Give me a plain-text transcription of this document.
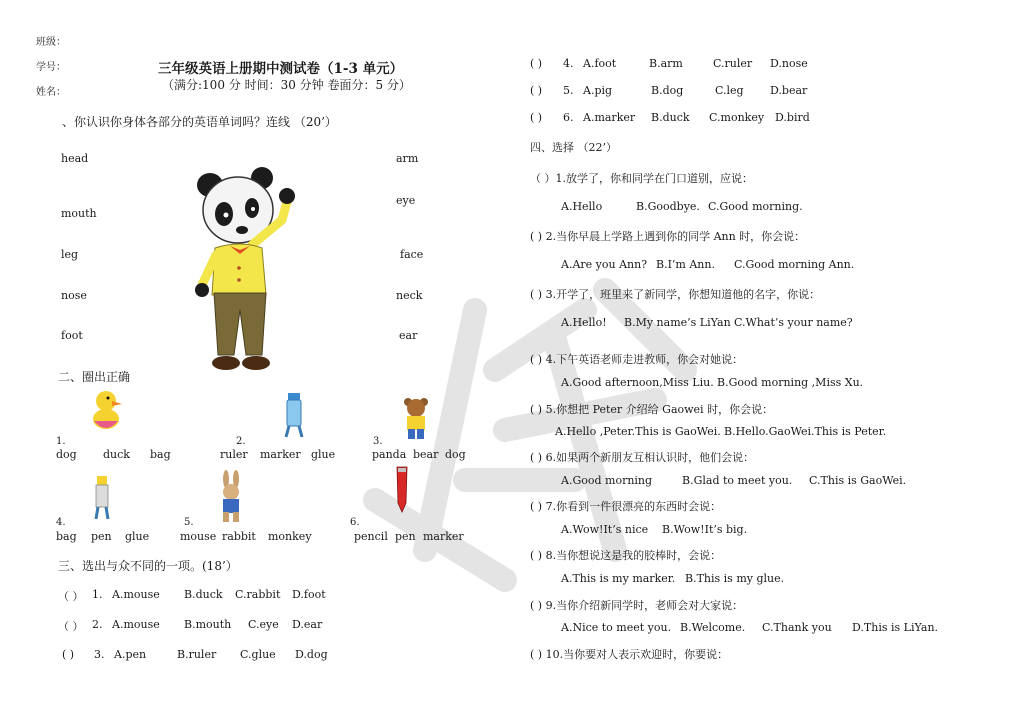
班级：
学号：
姓名：
三年级英语上册期中测试卷（1-3 单元）
（满分:100 分 时间：30 分钟 卷面分：5 分）
、你认识你身体各部分的英语单词吗？连线 （20’）
head
mouth
leg
nose
foot
arm
eye
face
neck
ear
二、圈出正确
1.
dog duck bag
2.
ruler marker glue
3.
panda bear dog
4.
bag pen glue
5.
mouse rabbit monkey
6.
pencil pen marker
三、选出与众不同的一项。(18’）
（ ） 1. A.mouse B.duck C.rabbit D.foot
（ ） 2. A.mouse B.mouth C.eye D.ear
( ) 3. A.pen	B.ruler C.glue D.dog
( ) 4. A.foot	B.arm	C.ruler D.nose
( ) 5. A.pig	B.dog	C.leg D.bear
( ) 6. A.marker B.duck C.monkey D.bird
四、选择 （22’）
（ ）1.放学了，你和同学在门口道别，应说：
A.Hello	B.Goodbye. C.Good morning.
( ) 2.当你早晨上学路上遇到你的同学 Ann 时，你会说：
A.Are you Ann? B.I’m Ann. C.Good morning Ann.
( ) 3.开学了，班里来了新同学，你想知道他的名字，你说：
A.Hello! B.My name’s LiYan C.What’s your name?
( ) 4.下午英语老师走进教师，你会对她说：
A.Good afternoon,Miss Liu. B.Good morning ,Miss Xu.
( ) 5.你想把 Peter 介绍给 Gaowei 时，你会说：
A.Hello ,Peter.This is GaoWei. B.Hello.GaoWei.This is Peter.
( ) 6.如果两个新朋友互相认识时，他们会说：
A.Good morning	B.Glad to meet you. C.This is GaoWei.
( ) 7.你看到一件很漂亮的东西时会说：
A.Wow!It’s nice B.Wow!It’s big.
( ) 8.当你想说这是我的胶棒时，会说：
A.This is my marker. B.This is my glue.
( ) 9.当你介绍新同学时，老师会对大家说：
A.Nice to meet you. B.Welcome. C.Thank you D.This is LiYan.
( ) 10.当你要对人表示欢迎时，你要说：
